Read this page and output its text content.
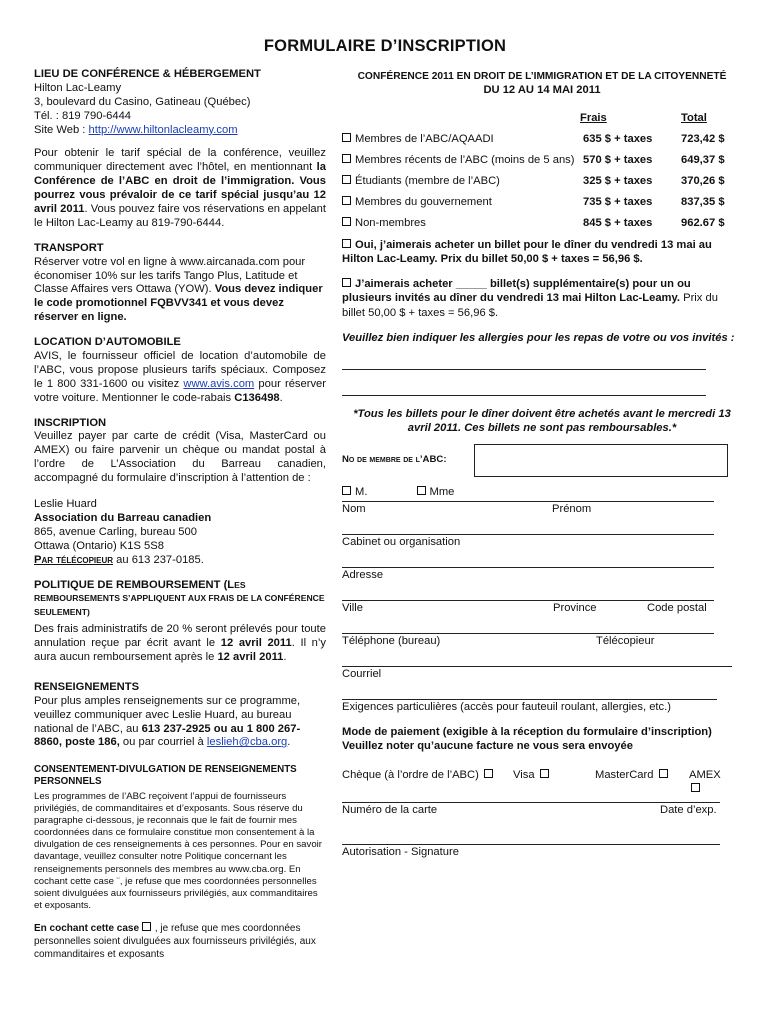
FORMULAIRE D’INSCRIPTION
LIEU DE CONFÉRENCE & HÉBERGEMENT
Hilton Lac-Leamy
3, boulevard du Casino, Gatineau (Québec)
Tél. : 819 790-6444
Site Web : http://www.hiltonlacleamy.com
Pour obtenir le tarif spécial de la conférence, veuillez communiquer directement avec l’hôtel, en mentionnant la Conférence de l’ABC en droit de l’immigration. Vous pourrez vous prévaloir de ce tarif spécial jusqu’au 12 avril 2011. Vous pouvez faire vos réservations en appelant le Hilton Lac-Leamy au 819-790-6444.
TRANSPORT
Réserver votre vol en ligne à www.aircanada.com pour économiser 10% sur les tarifs Tango Plus, Latitude et Classe Affaires vers Ottawa (YOW). Vous devez indiquer le code promotionnel FQBVV341 et vous devez réserver en ligne.
LOCATION D’AUTOMOBILE
AVIS, le fournisseur officiel de location d’automobile de l’ABC, vous propose plusieurs tarifs spéciaux. Composez le 1 800 331-1600 ou visitez www.avis.com pour réserver votre voiture. Mentionner le code-rabais C136498.
INSCRIPTION
Veuillez payer par carte de crédit (Visa, MasterCard ou AMEX) ou faire parvenir un chèque ou mandat postal à l’ordre de L’Association du Barreau canadien, accompagné du formulaire d’inscription à l’attention de :
Leslie Huard
Association du Barreau canadien
865, avenue Carling, bureau 500
Ottawa (Ontario) K1S 5S8
Par télécopieur au 613 237-0185.
POLITIQUE DE REMBOURSEMENT (LES REMBOURSEMENTS S’APPLIQUENT AUX FRAIS DE LA CONFÉRENCE SEULEMENT)
Des frais administratifs de 20 % seront prélevés pour toute annulation reçue par écrit avant le 12 avril 2011. Il n’y aura aucun remboursement après le 12 avril 2011.
RENSEIGNEMENTS
Pour plus amples renseignements sur ce programme, veuillez communiquer avec Leslie Huard, au bureau national de l’ABC, au 613 237-2925 ou au 1 800 267-8860, poste 186, ou par courriel à leslieh@cba.org.
CONSENTEMENT-DIVULGATION DE RENSEIGNEMENTS PERSONNELS
Les programmes de l’ABC reçoivent l’appui de fournisseurs privilégiés, de commanditaires et d’exposants. Sous réserve du paragraphe ci-dessous, je reconnais que le fait de fournir mes coordonnées dans ce formulaire constitue mon consentement à la divulgation de ces renseignements à ces personnes. Pour en savoir davantage, veuillez consulter notre Politique concernant les renseignements personnels des membres au www.cba.org. En cochant cette case ¨, je refuse que mes coordonnées personnelles soient divulguées aux fournisseurs privilégiés, aux commanditaires et exposants.
En cochant cette case , je refuse que mes coordonnées personnelles soient divulguées aux fournisseurs privilégiés, aux commanditaires et exposants
CONFÉRENCE 2011 EN DROIT DE L’IMMIGRATION ET DE LA CITOYENNETÉ
DU 12 AU 14 MAI 2011
Frais	Total
Membres de l’ABC/AQAADI	635 $ + taxes	723,42 $
Membres récents de l’ABC (moins de 5 ans) 570 $ + taxes	649,37 $
Étudiants (membre de l’ABC)	325 $ + taxes	370,26 $
Membres du gouvernement	735 $ + taxes	837,35 $
Non-membres	845 $ + taxes	962.67 $
Oui, j’aimerais acheter un billet pour le dîner du vendredi 13 mai au Hilton Lac-Leamy. Prix du billet 50,00 $ + taxes = 56,96 $.
J’aimerais acheter _____ billet(s) supplémentaire(s) pour un ou plusieurs invités au dîner du vendredi 13 mai Hilton Lac-Leamy. Prix du billet 50,00 $ + taxes = 56,96 $.
Veuillez bien indiquer les allergies pour les repas de votre ou vos invités :
*Tous les billets pour le dîner doivent être achetés avant le mercredi 13 avril 2011. Ces billets ne sont pas remboursables.*
No de membre de l’ABC:
M.	Mme
Nom	Prénom
Cabinet ou organisation
Adresse
Ville	Province	Code postal
Téléphone (bureau)	Télécopieur
Courriel
Exigences particulières (accès pour fauteuil roulant, allergies, etc.)
Mode de paiement (exigible à la réception du formulaire d’inscription)
Veuillez noter qu’aucune facture ne vous sera envoyée
Chèque (à l’ordre de l’ABC)	Visa	MasterCard	AMEX
Numéro de la carte	Date d’exp.
Autorisation - Signature
